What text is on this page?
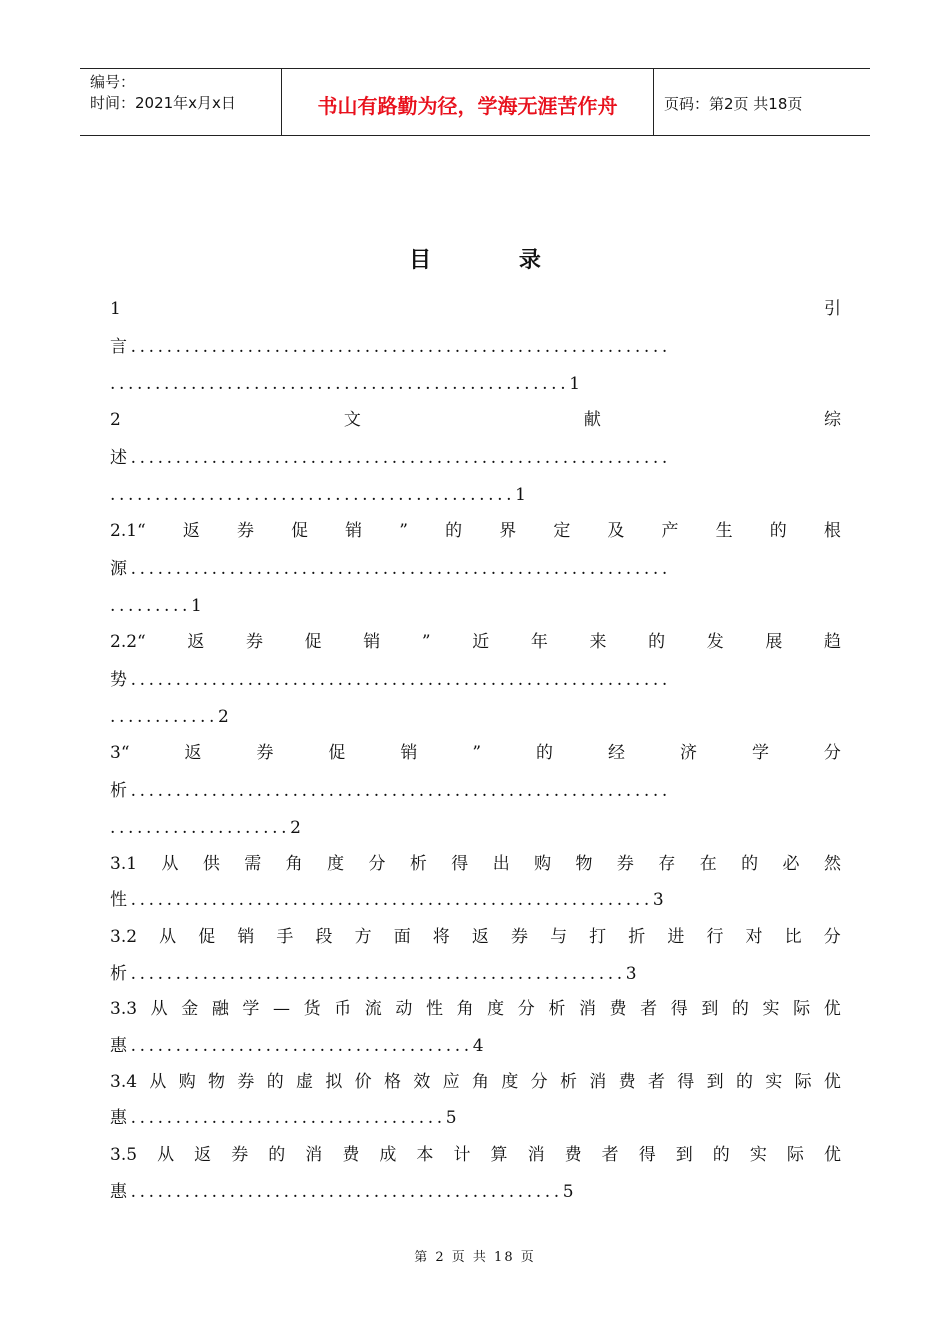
编号：
时间：2021年x月x日	书山有路勤为径，学海无涯苦作舟	页码：第2页 共18页
目 录
1	引
言............................................................
...................................................1
2	文	献	综
述............................................................
.............................................1
2.1“ 返 券 促 销 ” 的 界 定 及 产 生 的 根
源............................................................
.........1
2.2“ 返 券 促 销 ” 近 年 来 的 发 展 趋
势............................................................
............2
3“	返	券	促	销	”	的	经	济	学	分
析............................................................
....................2
3.1 从 供 需 角 度 分 析 得 出 购 物 券 存 在 的 必 然
性..........................................................3
3.2 从 促 销 手 段 方 面 将 返 券 与 打 折 进 行 对 比 分
析.......................................................3
3.3 从 金 融 学 — 货 币 流 动 性 角 度 分 析 消 费 者 得 到 的 实 际 优
惠......................................4
3.4 从 购 物 券 的 虚 拟 价 格 效 应 角 度 分 析 消 费 者 得 到 的 实 际 优
惠...................................5
3.5 从 返 券 的 消 费 成 本 计 算 消 费 者 得 到 的 实 际 优
惠................................................5
第 2 页 共 18 页
